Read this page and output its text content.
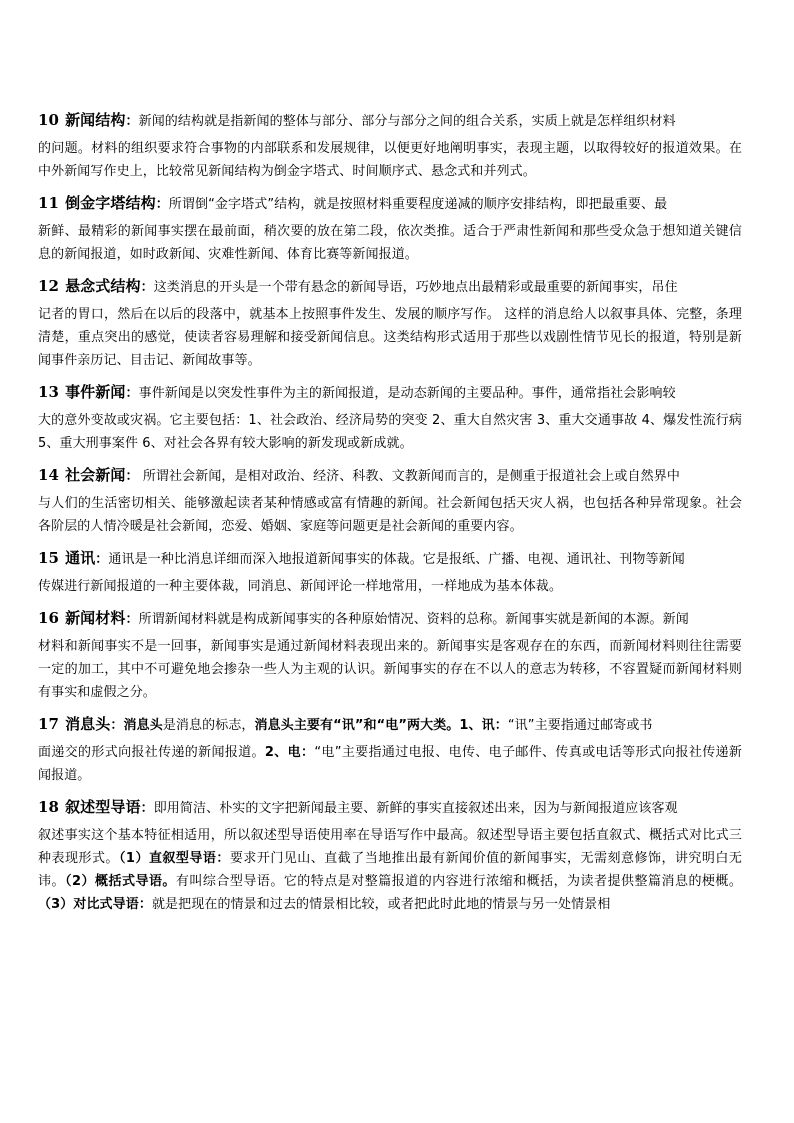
10 新闻结构：新闻的结构就是指新闻的整体与部分、部分与部分之间的组合关系，实质上就是怎样组织材料
的问题。材料的组织要求符合事物的内部联系和发展规律，以便更好地阐明事实，表现主题，以取得较好的报道效果。在中外新闻写作史上，比较常见新闻结构为倒金字塔式、时间顺序式、悬念式和并列式。

11 倒金字塔结构：所谓倒“金字塔式”结构，就是按照材料重要程度递减的顺序安排结构，即把最重要、最
新鲜、最精彩的新闻事实摆在最前面，稍次要的放在第二段，依次类推。适合于严肃性新闻和那些受众急于想知道关键信息的新闻报道，如时政新闻、灾难性新闻、体育比赛等新闻报道。

12 悬念式结构：这类消息的开头是一个带有悬念的新闻导语，巧妙地点出最精彩或最重要的新闻事实，吊住
记者的胃口，然后在以后的段落中，就基本上按照事件发生、发展的顺序写作。 这样的消息给人以叙事具体、完整，条理清楚，重点突出的感觉，使读者容易理解和接受新闻信息。这类结构形式适用于那些以戏剧性情节见长的报道，特别是新闻事件亲历记、目击记、新闻故事等。

13 事件新闻：事件新闻是以突发性事件为主的新闻报道，是动态新闻的主要品种。事件，通常指社会影响较
大的意外变故或灾祸。它主要包括：1、社会政治、经济局势的突变 2、重大自然灾害 3、重大交通事故 4、爆发性流行病 5、重大刑事案件 6、对社会各界有较大影响的新发现或新成就。

14 社会新闻： 所谓社会新闻，是相对政治、经济、科教、文教新闻而言的，是侧重于报道社会上或自然界中
与人们的生活密切相关、能够激起读者某种情感或富有情趣的新闻。社会新闻包括天灾人祸，也包括各种异常现象。社会各阶层的人情冷暖是社会新闻，恋爱、婚姻、家庭等问题更是社会新闻的重要内容。

15 通讯：通讯是一种比消息详细而深入地报道新闻事实的体裁。它是报纸、广播、电视、通讯社、刊物等新闻
传媒进行新闻报道的一种主要体裁，同消息、新闻评论一样地常用，一样地成为基本体裁。

16 新闻材料：所谓新闻材料就是构成新闻事实的各种原始情况、资料的总称。新闻事实就是新闻的本源。新闻
材料和新闻事实不是一回事，新闻事实是通过新闻材料表现出来的。新闻事实是客观存在的东西，而新闻材料则往往需要一定的加工，其中不可避免地会掺杂一些人为主观的认识。新闻事实的存在不以人的意志为转移，不容置疑而新闻材料则有事实和虚假之分。

17 消息头：消息头是消息的标志，消息头主要有“讯”和“电”两大类。1、讯：“讯”主要指通过邮寄或书
面递交的形式向报社传递的新闻报道。2、电：“电”主要指通过电报、电传、电子邮件、传真或电话等形式向报社传递新闻报道。

18 叙述型导语：即用简洁、朴实的文字把新闻最主要、新鲜的事实直接叙述出来，因为与新闻报道应该客观
叙述事实这个基本特征相适用，所以叙述型导语使用率在导语写作中最高。叙述型导语主要包括直叙式、概括式对比式三种表现形式。（1）直叙型导语：要求开门见山、直截了当地推出最有新闻价值的新闻事实，无需刻意修饰，讲究明白无讳。（2）概括式导语。有叫综合型导语。它的特点是对整篇报道的内容进行浓缩和概括，为读者提供整篇消息的梗概。（3）对比式导语：就是把现在的情景和过去的情景相比较，或者把此时此地的情景与另一处情景相
